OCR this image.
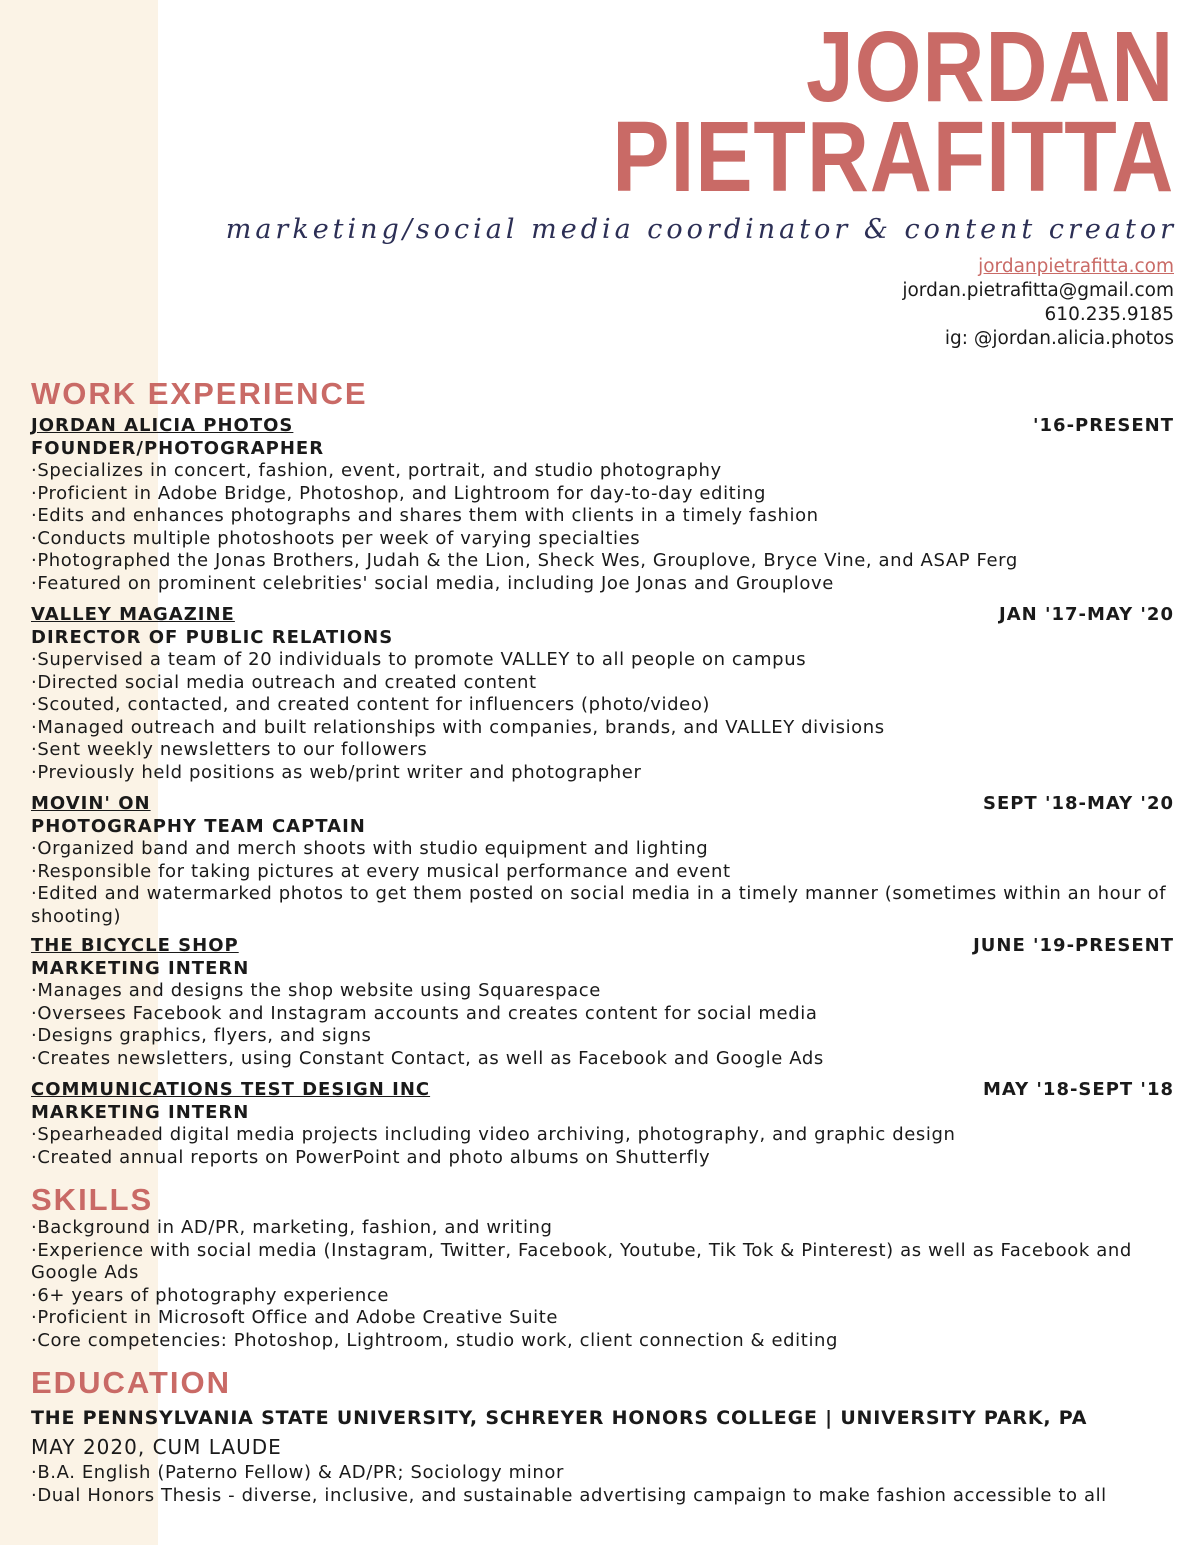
JORDAN
PIETRAFITTA
marketing/social media coordinator & content creator
jordanpietrafitta.com
jordan.pietrafitta@gmail.com
610.235.9185
ig: @jordan.alicia.photos
WORK EXPERIENCE
JORDAN ALICIA PHOTOS	'16-PRESENT
FOUNDER/PHOTOGRAPHER
·Specializes in concert, fashion, event, portrait, and studio photography
·Proficient in Adobe Bridge, Photoshop, and Lightroom for day-to-day editing
·Edits and enhances photographs and shares them with clients in a timely fashion
·Conducts multiple photoshoots per week of varying specialties
·Photographed the Jonas Brothers, Judah & the Lion, Sheck Wes, Grouplove, Bryce Vine, and ASAP Ferg
·Featured on prominent celebrities' social media, including Joe Jonas and Grouplove
VALLEY MAGAZINE	JAN '17-MAY '20
DIRECTOR OF PUBLIC RELATIONS
·Supervised a team of 20 individuals to promote VALLEY to all people on campus
·Directed social media outreach and created content
·Scouted, contacted, and created content for influencers (photo/video)
·Managed outreach and built relationships with companies, brands, and VALLEY divisions
·Sent weekly newsletters to our followers
·Previously held positions as web/print writer and photographer
MOVIN' ON	SEPT '18-MAY '20
PHOTOGRAPHY TEAM CAPTAIN
·Organized band and merch shoots with studio equipment and lighting
·Responsible for taking pictures at every musical performance and event
·Edited and watermarked photos to get them posted on social media in a timely manner (sometimes within an hour of shooting)
THE BICYCLE SHOP	JUNE '19-PRESENT
MARKETING INTERN
·Manages and designs the shop website using Squarespace
·Oversees Facebook and Instagram accounts and creates content for social media
·Designs graphics, flyers, and signs
·Creates newsletters, using Constant Contact, as well as Facebook and Google Ads
COMMUNICATIONS TEST DESIGN INC	MAY '18-SEPT '18
MARKETING INTERN
·Spearheaded digital media projects including video archiving, photography, and graphic design
·Created annual reports on PowerPoint and photo albums on Shutterfly
SKILLS
·Background in AD/PR, marketing, fashion, and writing
·Experience with social media (Instagram, Twitter, Facebook, Youtube, Tik Tok & Pinterest) as well as Facebook and Google Ads
·6+ years of photography experience
·Proficient in Microsoft Office and Adobe Creative Suite
·Core competencies: Photoshop, Lightroom, studio work, client connection & editing
EDUCATION
THE PENNSYLVANIA STATE UNIVERSITY, SCHREYER HONORS COLLEGE | UNIVERSITY PARK, PA
MAY 2020, CUM LAUDE
·B.A. English (Paterno Fellow) & AD/PR; Sociology minor
·Dual Honors Thesis - diverse, inclusive, and sustainable advertising campaign to make fashion accessible to all
